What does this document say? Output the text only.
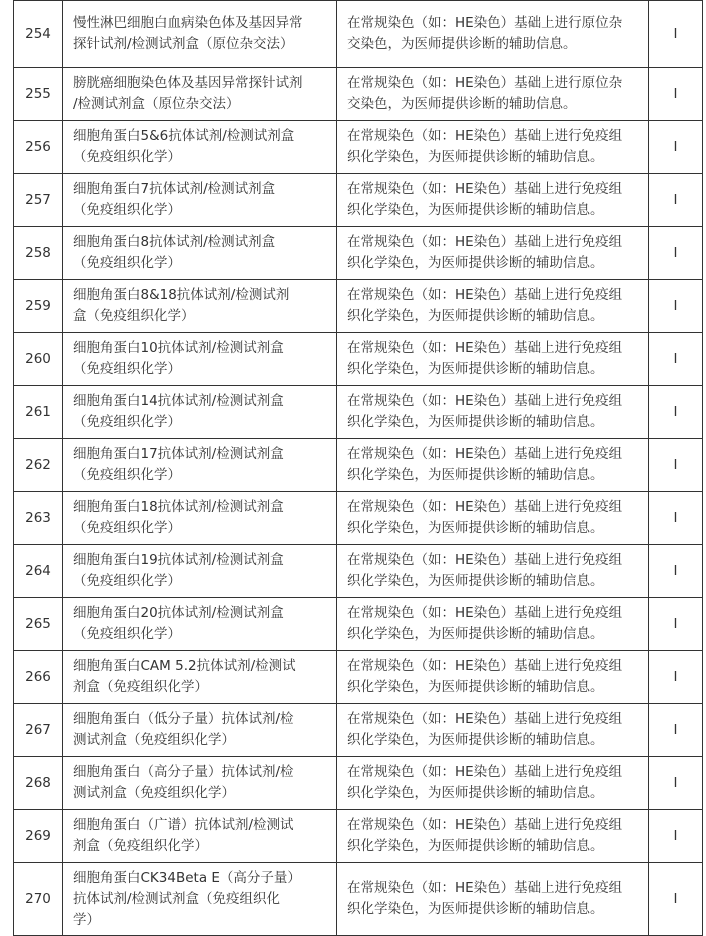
254	慢性淋巴细胞白血病染色体及基因异常
探针试剂/检测试剂盒（原位杂交法）	在常规染色（如：HE染色）基础上进行原位杂
交染色，为医师提供诊断的辅助信息。	I
255	膀胱癌细胞染色体及基因异常探针试剂
/检测试剂盒（原位杂交法）	在常规染色（如：HE染色）基础上进行原位杂
交染色，为医师提供诊断的辅助信息。	I
256	细胞角蛋白5&6抗体试剂/检测试剂盒
（免疫组织化学）	在常规染色（如：HE染色）基础上进行免疫组
织化学染色，为医师提供诊断的辅助信息。	I
257	细胞角蛋白7抗体试剂/检测试剂盒
（免疫组织化学）	在常规染色（如：HE染色）基础上进行免疫组
织化学染色，为医师提供诊断的辅助信息。	I
258	细胞角蛋白8抗体试剂/检测试剂盒
（免疫组织化学）	在常规染色（如：HE染色）基础上进行免疫组
织化学染色，为医师提供诊断的辅助信息。	I
259	细胞角蛋白8&18抗体试剂/检测试剂
盒（免疫组织化学）	在常规染色（如：HE染色）基础上进行免疫组
织化学染色，为医师提供诊断的辅助信息。	I
260	细胞角蛋白10抗体试剂/检测试剂盒
（免疫组织化学）	在常规染色（如：HE染色）基础上进行免疫组
织化学染色，为医师提供诊断的辅助信息。	I
261	细胞角蛋白14抗体试剂/检测试剂盒
（免疫组织化学）	在常规染色（如：HE染色）基础上进行免疫组
织化学染色，为医师提供诊断的辅助信息。	I
262	细胞角蛋白17抗体试剂/检测试剂盒
（免疫组织化学）	在常规染色（如：HE染色）基础上进行免疫组
织化学染色，为医师提供诊断的辅助信息。	I
263	细胞角蛋白18抗体试剂/检测试剂盒
（免疫组织化学）	在常规染色（如：HE染色）基础上进行免疫组
织化学染色，为医师提供诊断的辅助信息。	I
264	细胞角蛋白19抗体试剂/检测试剂盒
（免疫组织化学）	在常规染色（如：HE染色）基础上进行免疫组
织化学染色，为医师提供诊断的辅助信息。	I
265	细胞角蛋白20抗体试剂/检测试剂盒
（免疫组织化学）	在常规染色（如：HE染色）基础上进行免疫组
织化学染色，为医师提供诊断的辅助信息。	I
266	细胞角蛋白CAM 5.2抗体试剂/检测试
剂盒（免疫组织化学）	在常规染色（如：HE染色）基础上进行免疫组
织化学染色，为医师提供诊断的辅助信息。	I
267	细胞角蛋白（低分子量）抗体试剂/检
测试剂盒（免疫组织化学）	在常规染色（如：HE染色）基础上进行免疫组
织化学染色，为医师提供诊断的辅助信息。	I
268	细胞角蛋白（高分子量）抗体试剂/检
测试剂盒（免疫组织化学）	在常规染色（如：HE染色）基础上进行免疫组
织化学染色，为医师提供诊断的辅助信息。	I
269	细胞角蛋白（广谱）抗体试剂/检测试
剂盒（免疫组织化学）	在常规染色（如：HE染色）基础上进行免疫组
织化学染色，为医师提供诊断的辅助信息。	I
270	细胞角蛋白CK34Beta E（高分子量）
抗体试剂/检测试剂盒（免疫组织化
学）	在常规染色（如：HE染色）基础上进行免疫组
织化学染色，为医师提供诊断的辅助信息。	I
